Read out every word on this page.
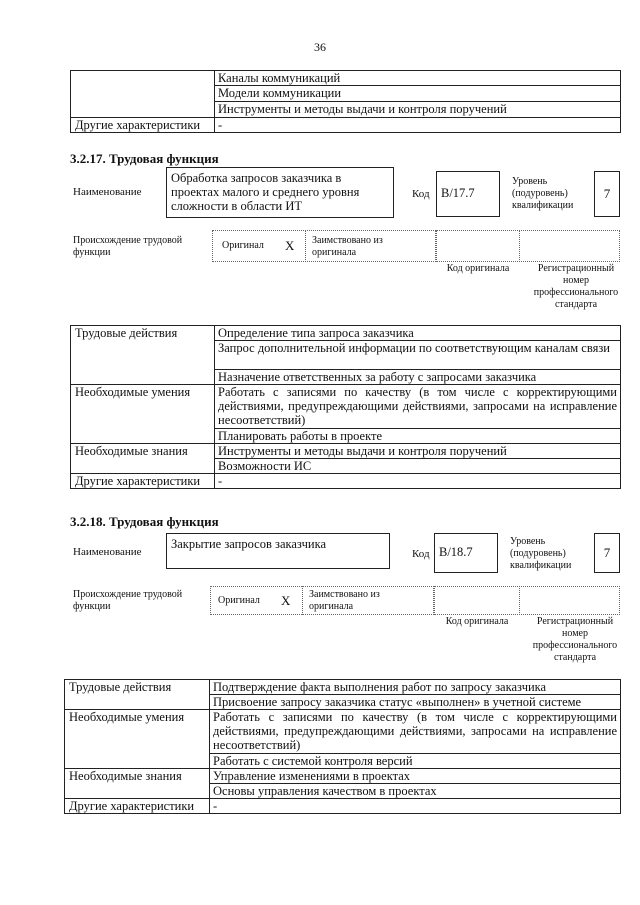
36
	Каналы коммуникаций
	Модели коммуникации
	Инструменты и методы выдачи и контроля поручений
Другие характеристики	-
3.2.17. Трудовая функция
Наименование
Обработка запросов заказчика в проектах малого и среднего уровня сложности в области ИТ
Код B/17.7
Уровень (подуровень) квалификации
7
Происхождение трудовой функции
Оригинал X Заимствовано из оригинала
Код оригинала	Регистрационный номер профессионального стандарта
Трудовые действия	Определение типа запроса заказчика
	Запрос дополнительной информации по соответствующим каналам связи
	Назначение ответственных за работу с запросами заказчика
Необходимые умения	Работать с записями по качеству (в том числе с корректирующими действиями, предупреждающими действиями, запросами на исправление несоответствий)
	Планировать работы в проекте
Необходимые знания	Инструменты и методы выдачи и контроля поручений
	Возможности ИС
Другие характеристики	-
3.2.18. Трудовая функция
Наименование
Закрытие запросов заказчика
Код B/18.7
Уровень (подуровень) квалификации
7
Происхождение трудовой функции
Оригинал X Заимствовано из оригинала
Код оригинала	Регистрационный номер профессионального стандарта
Трудовые действия	Подтверждение факта выполнения работ по запросу заказчика
	Присвоение запросу заказчика статус «выполнен» в учетной системе
Необходимые умения	Работать с записями по качеству (в том числе с корректирующими действиями, предупреждающими действиями, запросами на исправление несоответствий)
	Работать с системой контроля версий
Необходимые знания	Управление изменениями в проектах
	Основы управления качеством в проектах
Другие характеристики	-
